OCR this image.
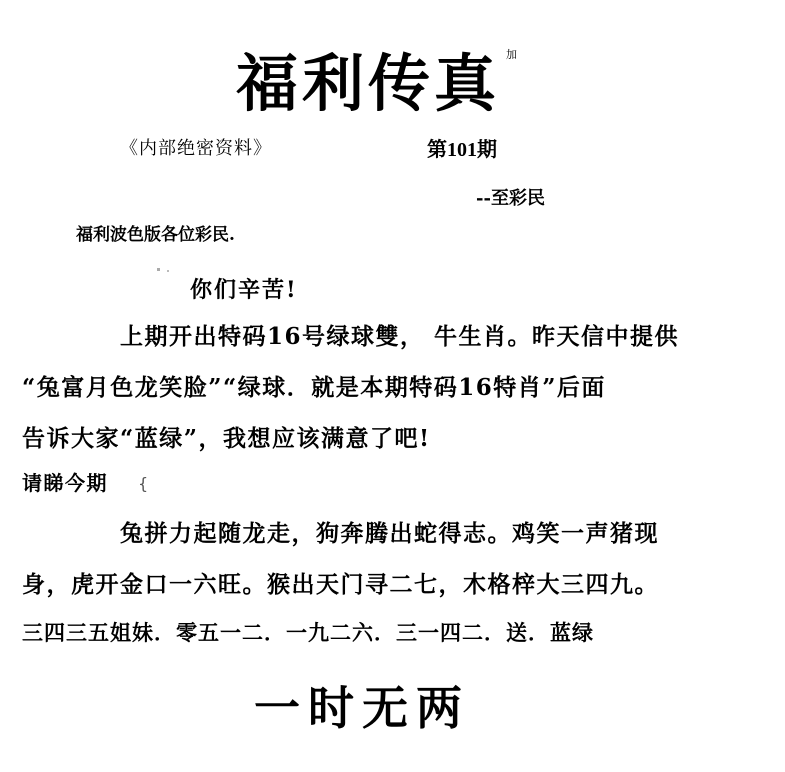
福利传真 加
《内部绝密资料》	第101期
--至彩民
福利波色版各位彩民.
你们辛苦!
上期开出特码16号绿球雙， 牛生肖。昨天信中提供
“兔富月色龙笑脸”“绿球．就是本期特码16特肖”后面
告诉大家“蓝绿”，我想应该满意了吧!
请睇今期 {
兔拼力起随龙走，狗奔腾出蛇得志。鸡笑一声猪现
身，虎开金口一六旺。猴出天门寻二七，木格梓大三四九。
三四三五姐妹．零五一二．一九二六．三一四二．送．蓝绿
一时无两
